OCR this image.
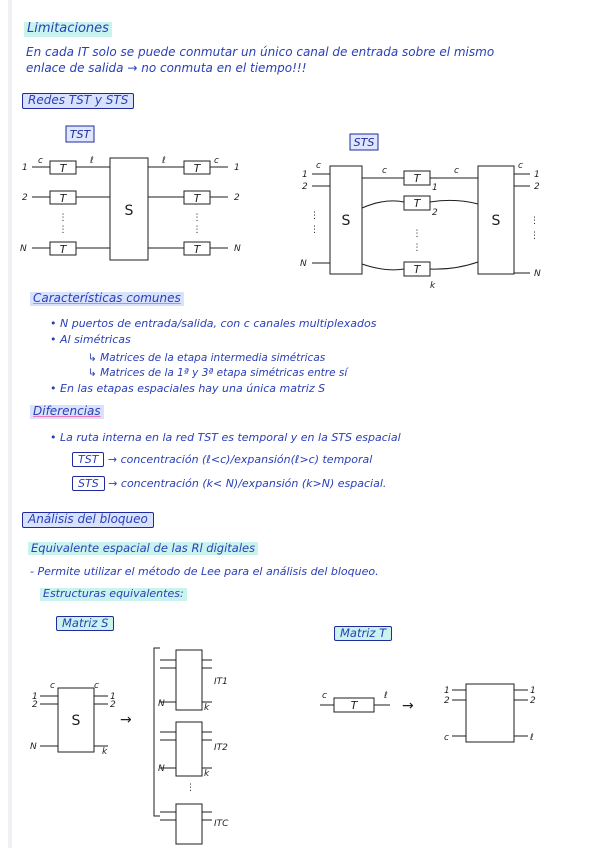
Limitaciones
En cada IT solo se puede conmutar un único canal de entrada sobre el mismo
enlace de salida → no conmuta en el tiempo!!!
Redes TST y STS
TST
T
T
T
1
2
N
c	ℓ
⋮
⋮
S
T
T
T
⋮
⋮
ℓ	c
1
2
N
STS
1
2
N
c
⋮
⋮
S
c
T
T
T
⋮
⋮
1
2
k
c
S
c
1
2
N
⋮
⋮
Características comunes
• N puertos de entrada/salida, con c canales multiplexados
• Al simétricas
↳ Matrices de la etapa intermedia simétricas
↳ Matrices de la 1ª y 3ª etapa simétricas entre sí
• En las etapas espaciales hay una única matriz S
Diferencias
• La ruta interna en la red TST es temporal y en la STS espacial
TST → concentración (ℓ<c)/expansión(ℓ>c) temporal
STS → concentración (k< N)/expansión (k>N) espacial.
Análisis del bloqueo
Equivalente espacial de las Rl digitales
- Permite utilizar el método de Lee para el análisis del bloqueo.
Estructuras equivalentes:
Matriz S
Matriz T
1
2
N
c
S
c
1
2
k
→
N	k
IT1
N	k
IT2
⋮
ITC
c
T
ℓ
→
1
2
c
1
2
ℓ
